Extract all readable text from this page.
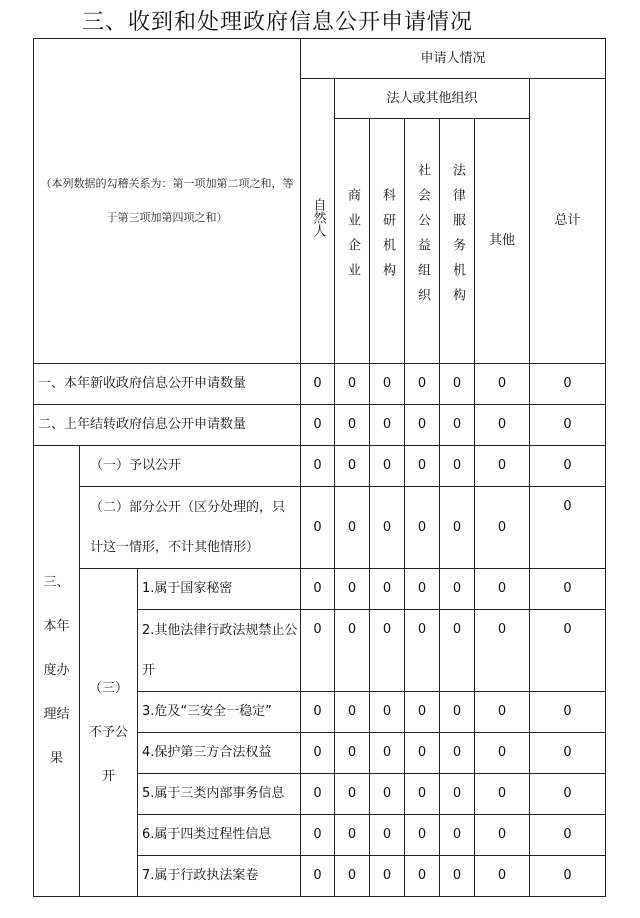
三、收到和处理政府信息公开申请情况
（本列数据的勾稽关系为：第一项加第二项之和，等于第三项加第四项之和）			申请人情况						
			自然人	法人或其他组织					总计
				商业企业	科研机构	社会公益组织	法律服务机构	其他	

一、本年新收政府信息公开申请数量			0	0	0	0	0	0	0
二、上年结转政府信息公开申请数量			0	0	0	0	0	0	0

三、本年度办理结果	（一）予以公开		0	0	0	0	0	0	0
	（二）部分公开（区分处理的，只计这一情形，不计其他情形）		0	0	0	0	0	0	0

	（三）不予公开	1.属于国家秘密	0	0	0	0	0	0	0
		2.其他法律行政法规禁止公开	0	0	0	0	0	0	0
		3.危及“三安全一稳定”	0	0	0	0	0	0	0
		4.保护第三方合法权益	0	0	0	0	0	0	0
		5.属于三类内部事务信息	0	0	0	0	0	0	0
		6.属于四类过程性信息	0	0	0	0	0	0	0
		7.属于行政执法案卷	0	0	0	0	0	0	0
